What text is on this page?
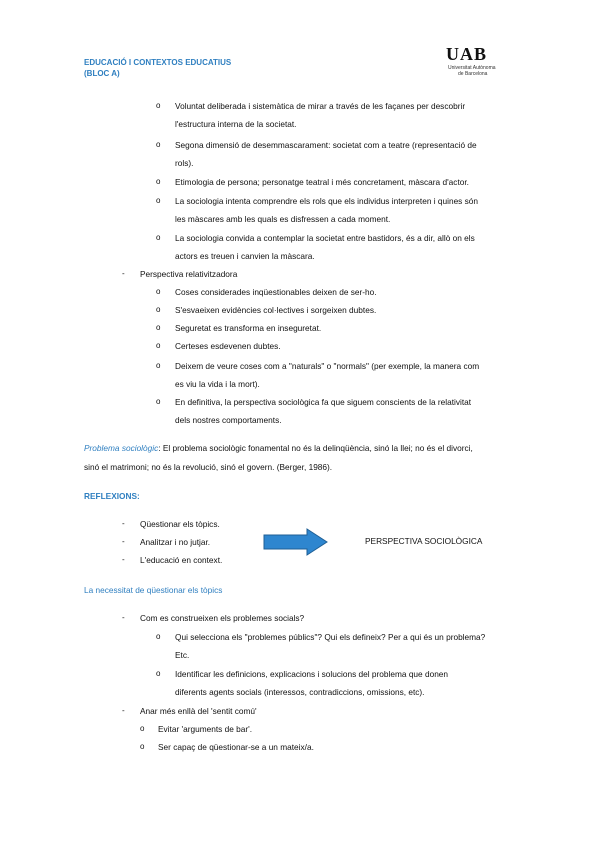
EDUCACIÓ I CONTEXTOS EDUCATIUS
(BLOC A)
UAB
Universitat Autònoma
de Barcelona
o Voluntat deliberada i sistemàtica de mirar a través de les façanes per descobrir
l'estructura interna de la societat.
o Segona dimensió de desemmascarament: societat com a teatre (representació de
rols).
o Etimologia de persona; personatge teatral i més concretament, màscara d'actor.
o La sociologia intenta comprendre els rols que els individus interpreten i quines són
les màscares amb les quals es disfressen a cada moment.
o La sociologia convida a contemplar la societat entre bastidors, és a dir, allò on els
actors es treuen i canvien la màscara.
- Perspectiva relativitzadora
o Coses considerades inqüestionables deixen de ser-ho.
o S'esvaeixen evidències col·lectives i sorgeixen dubtes.
o Seguretat es transforma en inseguretat.
o Certeses esdevenen dubtes.
o Deixem de veure coses com a "naturals" o "normals" (per exemple, la manera com
es viu la vida i la mort).
o En definitiva, la perspectiva sociològica fa que siguem conscients de la relativitat
dels nostres comportaments.
Problema sociològic: El problema sociològic fonamental no és la delinqüència, sinó la llei; no és el divorci,
sinó el matrimoni; no és la revolució, sinó el govern. (Berger, 1986).
REFLEXIONS:
- Qüestionar els tòpics.
- Analitzar i no jutjar.
- L'educació en context.
PERSPECTIVA SOCIOLÒGICA
La necessitat de qüestionar els tòpics
- Com es construeixen els problemes socials?
o Qui selecciona els "problemes públics"? Qui els defineix? Per a qui és un problema?
Etc.
o Identificar les definicions, explicacions i solucions del problema que donen
diferents agents socials (interessos, contradiccions, omissions, etc).
- Anar més enllà del 'sentit comú'
o Evitar 'arguments de bar'.
o Ser capaç de qüestionar-se a un mateix/a.
